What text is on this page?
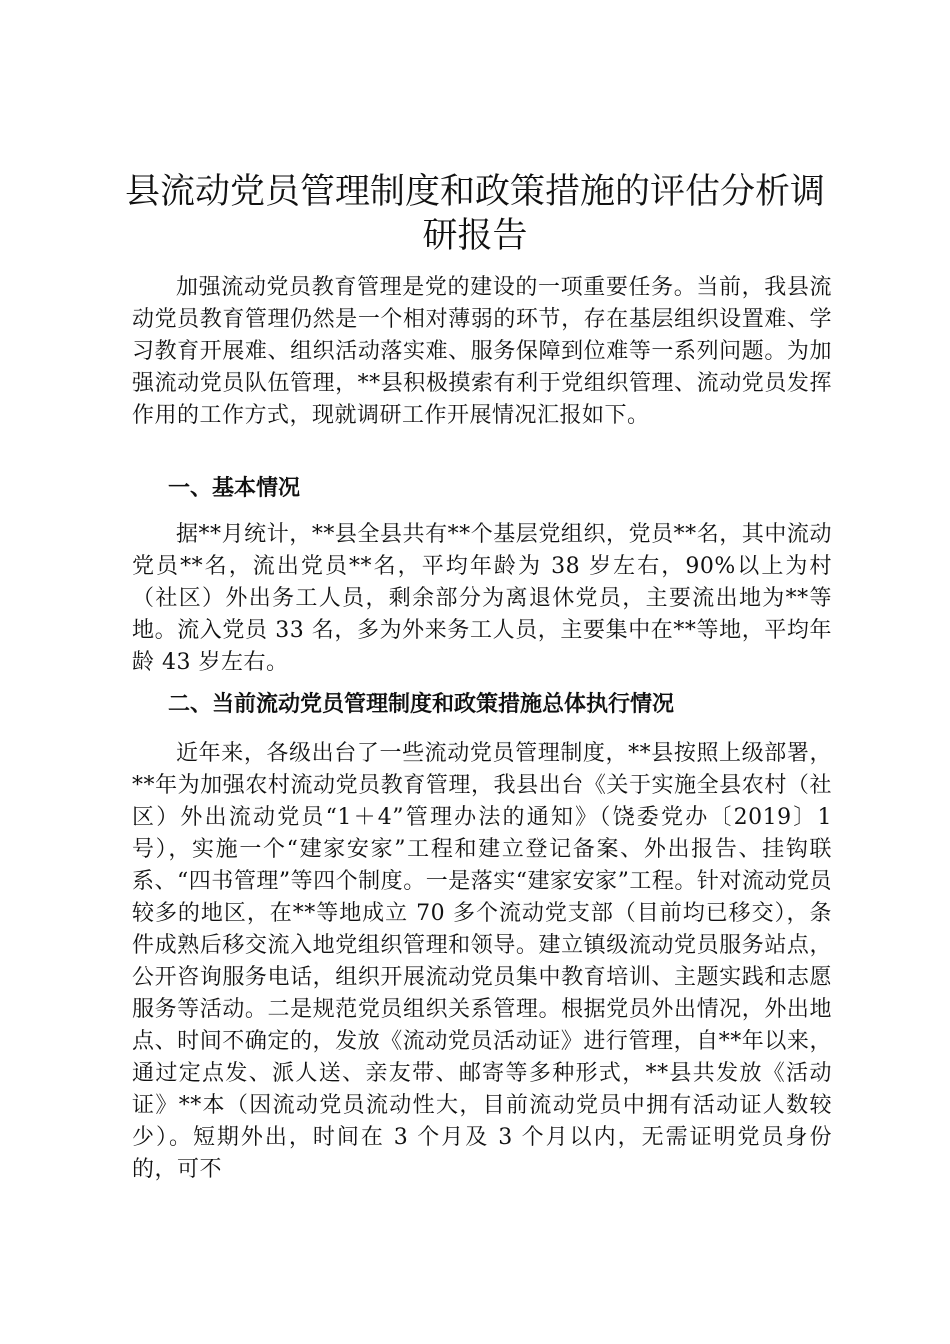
县流动党员管理制度和政策措施的评估分析调研报告

加强流动党员教育管理是党的建设的一项重要任务。当前，我县流动党员教育管理仍然是一个相对薄弱的环节，存在基层组织设置难、学习教育开展难、组织活动落实难、服务保障到位难等一系列问题。为加强流动党员队伍管理，**县积极摸索有利于党组织管理、流动党员发挥作用的工作方式，现就调研工作开展情况汇报如下。

一、基本情况

据**月统计，**县全县共有**个基层党组织，党员**名，其中流动党员**名，流出党员**名，平均年龄为 38 岁左右，90%以上为村（社区）外出务工人员，剩余部分为离退休党员，主要流出地为**等地。流入党员 33 名，多为外来务工人员，主要集中在**等地，平均年龄 43 岁左右。

二、当前流动党员管理制度和政策措施总体执行情况

近年来，各级出台了一些流动党员管理制度，**县按照上级部署，**年为加强农村流动党员教育管理，我县出台《关于实施全县农村（社区）外出流动党员“1＋4”管理办法的通知》（饶委党办〔2019〕1 号），实施一个“建家安家”工程和建立登记备案、外出报告、挂钩联系、“四书管理”等四个制度。一是落实“建家安家”工程。针对流动党员较多的地区，在**等地成立 70 多个流动党支部（目前均已移交），条件成熟后移交流入地党组织管理和领导。建立镇级流动党员服务站点，公开咨询服务电话，组织开展流动党员集中教育培训、主题实践和志愿服务等活动。二是规范党员组织关系管理。根据党员外出情况，外出地点、时间不确定的，发放《流动党员活动证》进行管理，自**年以来，通过定点发、派人送、亲友带、邮寄等多种形式，**县共发放《活动证》**本（因流动党员流动性大，目前流动党员中拥有活动证人数较少）。短期外出，时间在 3 个月及 3 个月以内，无需证明党员身份的，可不
